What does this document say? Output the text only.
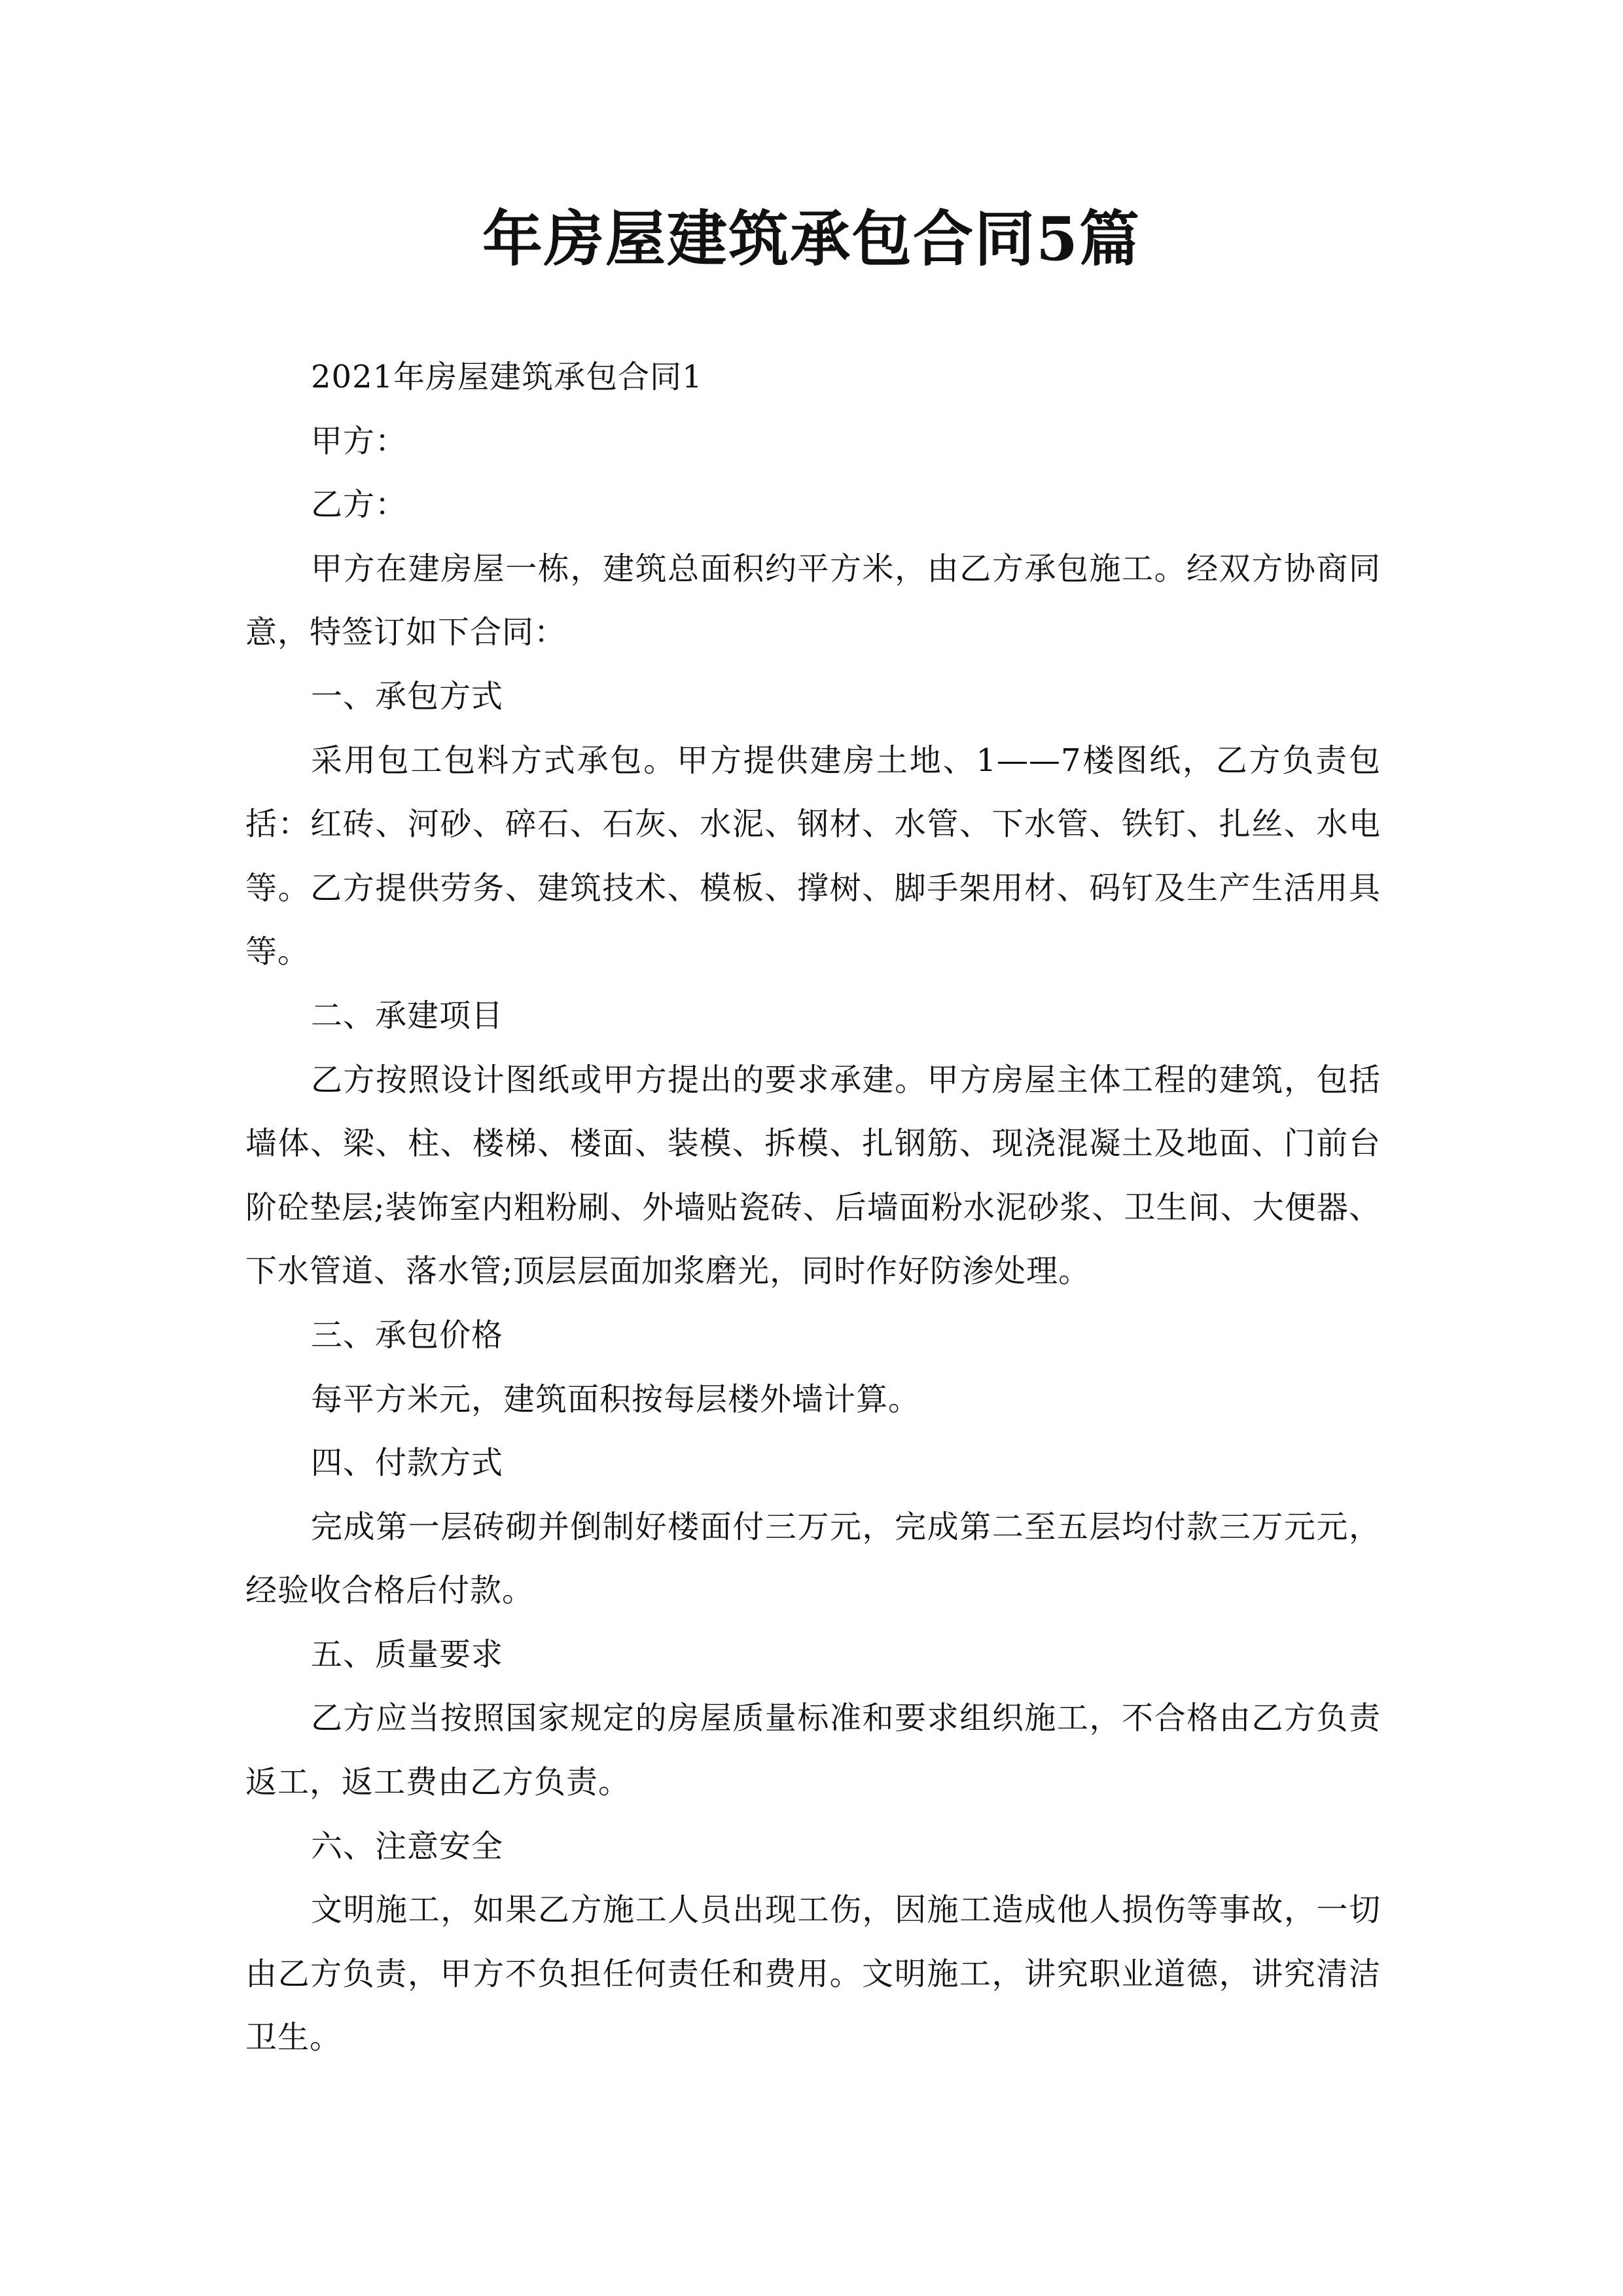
年房屋建筑承包合同5篇

2021年房屋建筑承包合同1

甲方：

乙方：

甲方在建房屋一栋，建筑总面积约平方米，由乙方承包施工。经双方协商同意，特签订如下合同：

一、承包方式

采用包工包料方式承包。甲方提供建房土地、1——7楼图纸，乙方负责包括：红砖、河砂、碎石、石灰、水泥、钢材、水管、下水管、铁钉、扎丝、水电等。乙方提供劳务、建筑技术、模板、撑树、脚手架用材、码钉及生产生活用具等。

二、承建项目

乙方按照设计图纸或甲方提出的要求承建。甲方房屋主体工程的建筑，包括墙体、梁、柱、楼梯、楼面、装模、拆模、扎钢筋、现浇混凝土及地面、门前台阶砼垫层;装饰室内粗粉刷、外墙贴瓷砖、后墙面粉水泥砂浆、卫生间、大便器、下水管道、落水管;顶层层面加浆磨光，同时作好防渗处理。

三、承包价格

每平方米元，建筑面积按每层楼外墙计算。

四、付款方式

完成第一层砖砌并倒制好楼面付三万元，完成第二至五层均付款三万元元，经验收合格后付款。

五、质量要求

乙方应当按照国家规定的房屋质量标准和要求组织施工，不合格由乙方负责返工，返工费由乙方负责。

六、注意安全

文明施工，如果乙方施工人员出现工伤，因施工造成他人损伤等事故，一切由乙方负责，甲方不负担任何责任和费用。文明施工，讲究职业道德，讲究清洁卫生。
